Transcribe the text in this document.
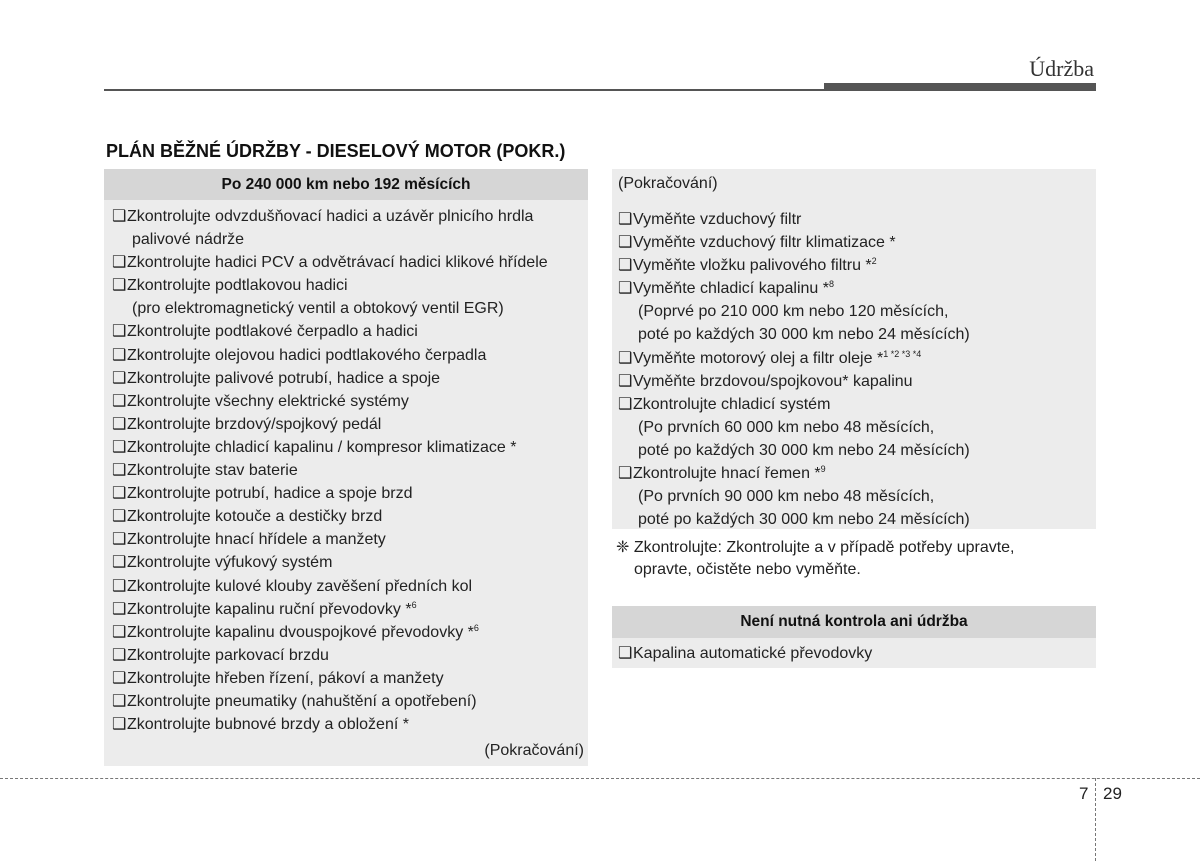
Údržba
PLÁN BĚŽNÉ ÚDRŽBY - DIESELOVÝ MOTOR (POKR.)
Po 240 000 km nebo 192 měsících
❑Zkontrolujte odvzdušňovací hadici a uzávěr plnicího hrdla
palivové nádrže
❑Zkontrolujte hadici PCV a odvětrávací hadici klikové hřídele
❑Zkontrolujte podtlakovou hadici
(pro elektromagnetický ventil a obtokový ventil EGR)
❑Zkontrolujte podtlakové čerpadlo a hadici
❑Zkontrolujte olejovou hadici podtlakového čerpadla
❑Zkontrolujte palivové potrubí, hadice a spoje
❑Zkontrolujte všechny elektrické systémy
❑Zkontrolujte brzdový/spojkový pedál
❑Zkontrolujte chladicí kapalinu / kompresor klimatizace *
❑Zkontrolujte stav baterie
❑Zkontrolujte potrubí, hadice a spoje brzd
❑Zkontrolujte kotouče a destičky brzd
❑Zkontrolujte hnací hřídele a manžety
❑Zkontrolujte výfukový systém
❑Zkontrolujte kulové klouby zavěšení předních kol
❑Zkontrolujte kapalinu ruční převodovky *$^6$
❑Zkontrolujte kapalinu dvouspojkové převodovky *$^6$
❑Zkontrolujte parkovací brzdu
❑Zkontrolujte hřeben řízení, pákoví a manžety
❑Zkontrolujte pneumatiky (nahuštění a opotřebení)
❑Zkontrolujte bubnové brzdy a obložení *
(Pokračování)
(Pokračování)
❑Vyměňte vzduchový filtr
❑Vyměňte vzduchový filtr klimatizace *
❑Vyměňte vložku palivového filtru *$^2$
❑Vyměňte chladicí kapalinu *$^8$
(Poprvé po 210 000 km nebo 120 měsících,
poté po každých 30 000 km nebo 24 měsících)
❑Vyměňte motorový olej a filtr oleje *$^{1 *2 *3 *4}$
❑Vyměňte brzdovou/spojkovou* kapalinu
❑Zkontrolujte chladicí systém
(Po prvních 60 000 km nebo 48 měsících,
poté po každých 30 000 km nebo 24 měsících)
❑Zkontrolujte hnací řemen *$^9$
(Po prvních 90 000 km nebo 48 měsících,
poté po každých 30 000 km nebo 24 měsících)
❈ Zkontrolujte: Zkontrolujte a v případě potřeby upravte,
opravte, očistěte nebo vyměňte.
Není nutná kontrola ani údržba
❑Kapalina automatické převodovky
7 29
